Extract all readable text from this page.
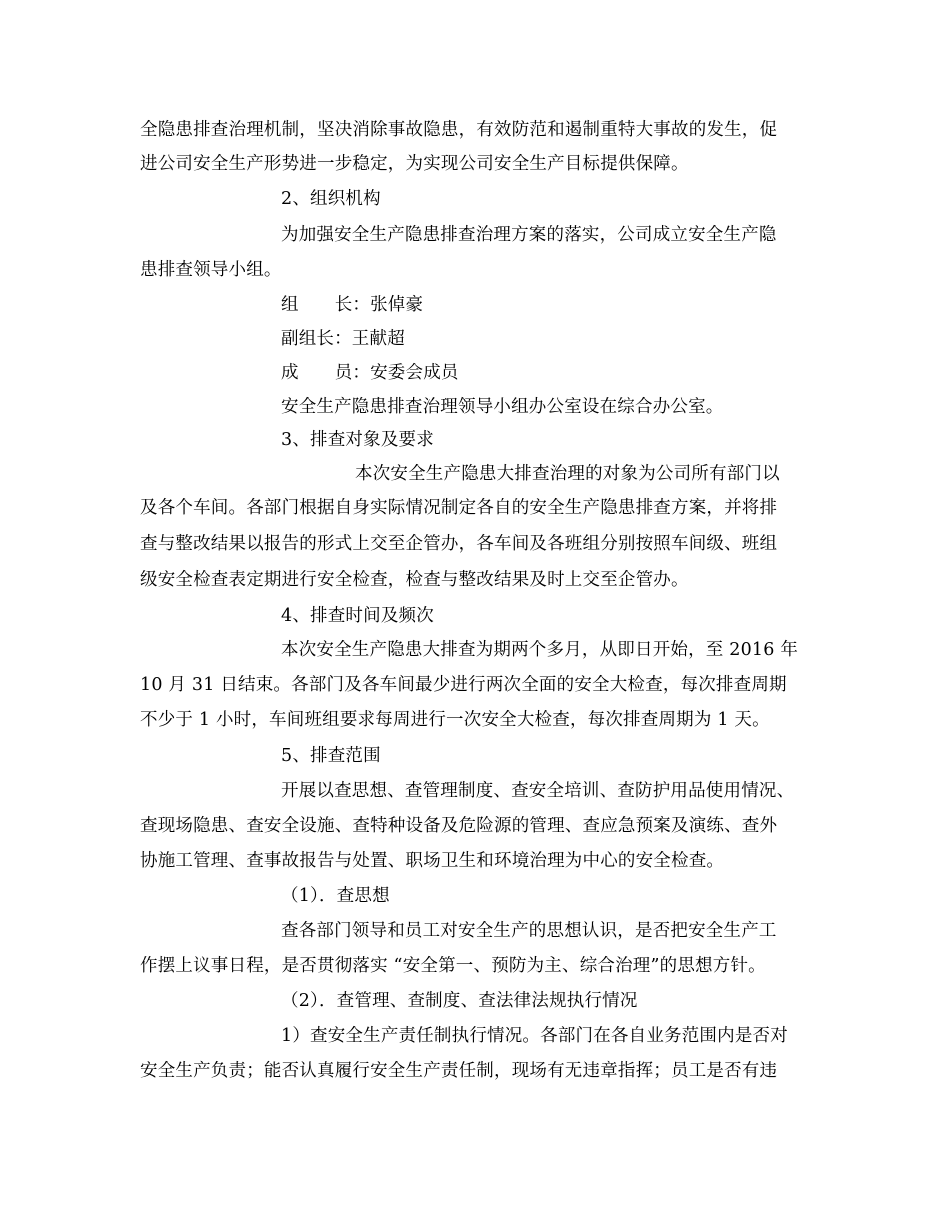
全隐患排查治理机制，坚决消除事故隐患，有效防范和遏制重特大事故的发生，促
进公司安全生产形势进一步稳定，为实现公司安全生产目标提供保障。
2、组织机构
为加强安全生产隐患排查治理方案的落实，公司成立安全生产隐
患排查领导小组。
组 长：张倬豪
副组长：王献超
成 员：安委会成员
安全生产隐患排查治理领导小组办公室设在综合办公室。
3、排查对象及要求
本次安全生产隐患大排查治理的对象为公司所有部门以
及各个车间。各部门根据自身实际情况制定各自的安全生产隐患排查方案，并将排
查与整改结果以报告的形式上交至企管办，各车间及各班组分别按照车间级、班组
级安全检查表定期进行安全检查，检查与整改结果及时上交至企管办。
4、排查时间及频次
本次安全生产隐患大排查为期两个多月，从即日开始，至 2016 年
10 月 31 日结束。各部门及各车间最少进行两次全面的安全大检查，每次排查周期
不少于 1 小时，车间班组要求每周进行一次安全大检查，每次排查周期为 1 天。
5、排查范围
开展以查思想、查管理制度、查安全培训、查防护用品使用情况、
查现场隐患、查安全设施、查特种设备及危险源的管理、查应急预案及演练、查外
协施工管理、查事故报告与处置、职场卫生和环境治理为中心的安全检查。
（1）．查思想
查各部门领导和员工对安全生产的思想认识，是否把安全生产工
作摆上议事日程，是否贯彻落实 “安全第一、预防为主、综合治理”的思想方针。
（2）．查管理、查制度、查法律法规执行情况
1）查安全生产责任制执行情况。各部门在各自业务范围内是否对
安全生产负责；能否认真履行安全生产责任制，现场有无违章指挥；员工是否有违
